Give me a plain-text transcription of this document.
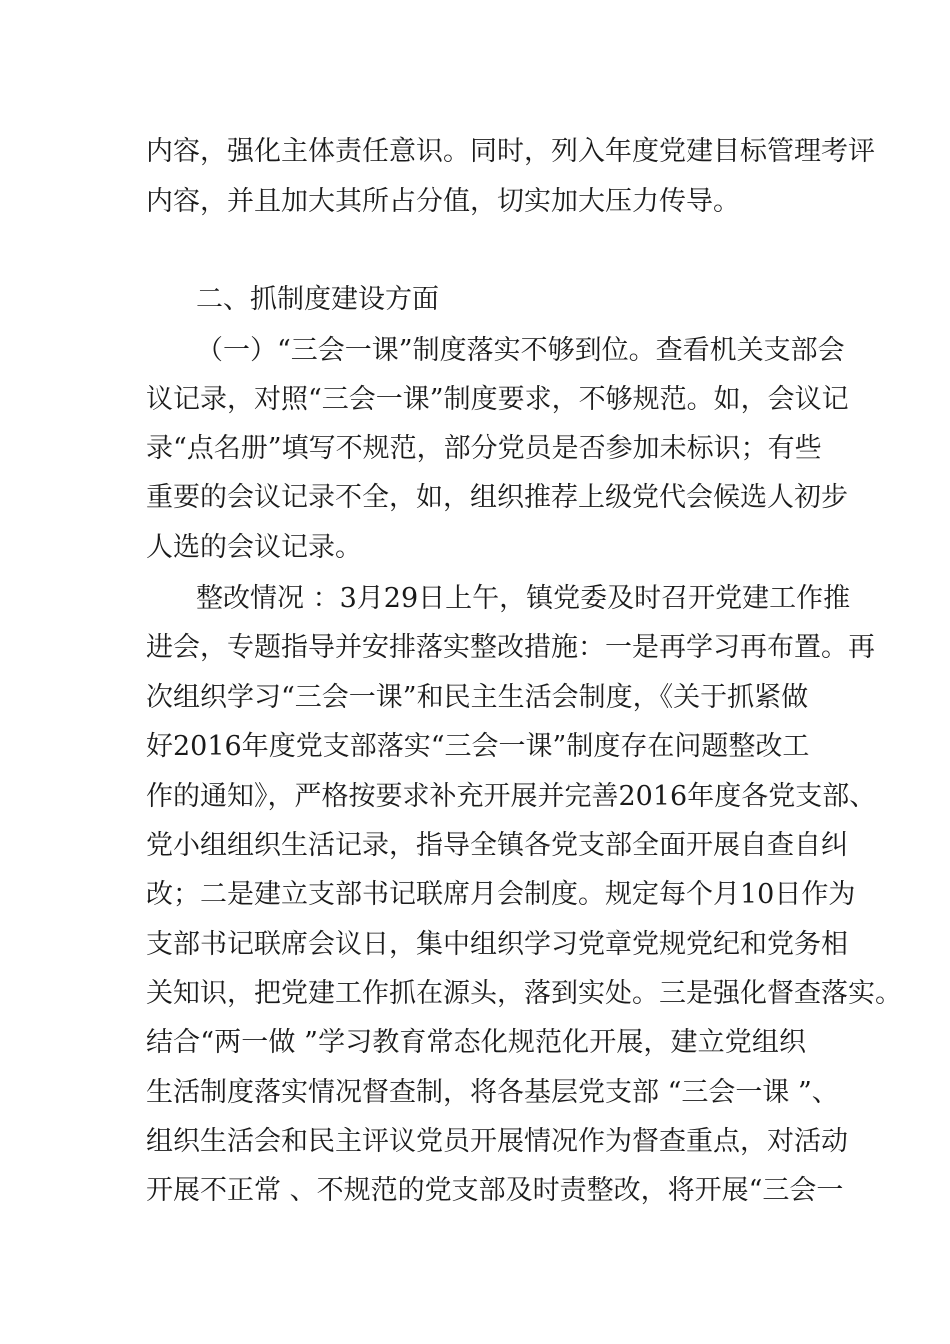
内容，强化主体责任意识。同时，列入年度党建目标管理考评
内容，并且加大其所占分值，切实加大压力传导。
二、抓制度建设方面
（一）“三会一课”制度落实不够到位。查看机关支部会
议记录，对照“三会一课”制度要求，不够规范。如，会议记
录“点名册”填写不规范，部分党员是否参加未标识；有些
重要的会议记录不全，如，组织推荐上级党代会候选人初步
人选的会议记录。
整改情况 ：3月29日上午，镇党委及时召开党建工作推
进会，专题指导并安排落实整改措施：一是再学习再布置。再
次组织学习“三会一课”和民主生活会制度，《关于抓紧做
好2016年度党支部落实“三会一课”制度存在问题整改工
作的通知》，严格按要求补充开展并完善2016年度各党支部、
党小组组织生活记录，指导全镇各党支部全面开展自查自纠
改；二是建立支部书记联席月会制度。规定每个月10日作为
支部书记联席会议日，集中组织学习党章党规党纪和党务相
关知识，把党建工作抓在源头，落到实处。三是强化督查落实。
结合“两一做 ”学习教育常态化规范化开展，建立党组织
生活制度落实情况督查制，将各基层党支部 “三会一课 ”、
组织生活会和民主评议党员开展情况作为督查重点，对活动
开展不正常 、不规范的党支部及时责整改，将开展“三会一
